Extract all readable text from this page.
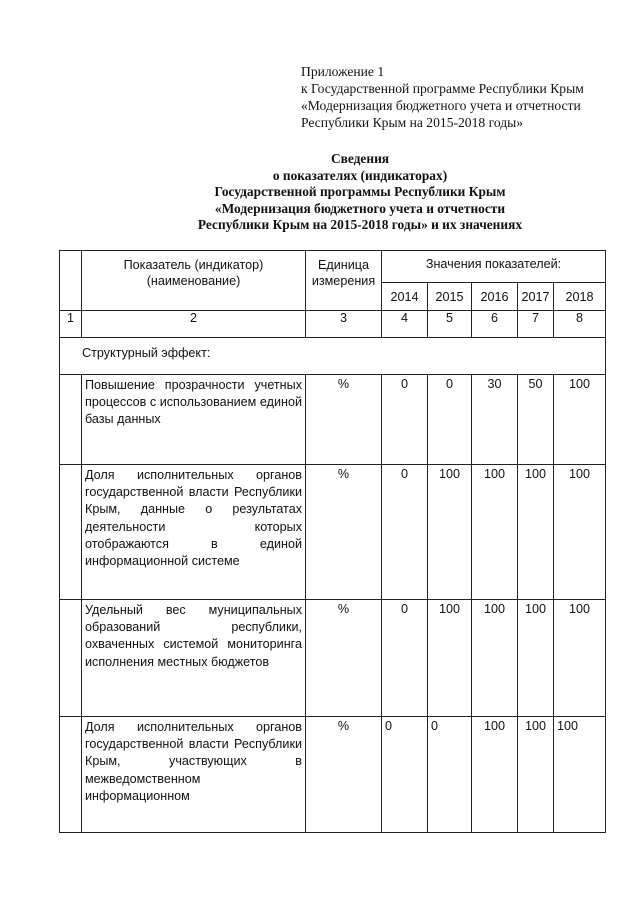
Приложение 1
к Государственной программе Республики Крым
«Модернизация бюджетного учета и отчетности
Республики Крым на 2015-2018 годы»
Сведения
о показателях (индикаторах)
Государственной программы Республики Крым
«Модернизация бюджетного учета и отчетности
Республики Крым на 2015-2018 годы» и их значениях
	Показатель (индикатор) (наименование)	Единица измерения	Значения показателей:				
			2014	2015	2016	2017	2018
1	2	3	4	5	6	7	8
Структурный эффект:							
	Повышение прозрачности учетных процессов с использованием единой базы данных	%	0	0	30	50	100
	Доля исполнительных органов государственной власти Республики Крым, данные о результатах деятельности которых отображаются в единой информационной системе	%	0	100	100	100	100
	Удельный вес муниципальных образований республики, охваченных системой мониторинга исполнения местных бюджетов	%	0	100	100	100	100
	Доля исполнительных органов государственной власти Республики Крым, участвующих в межведомственном информационном	%	0	0	100	100	100
